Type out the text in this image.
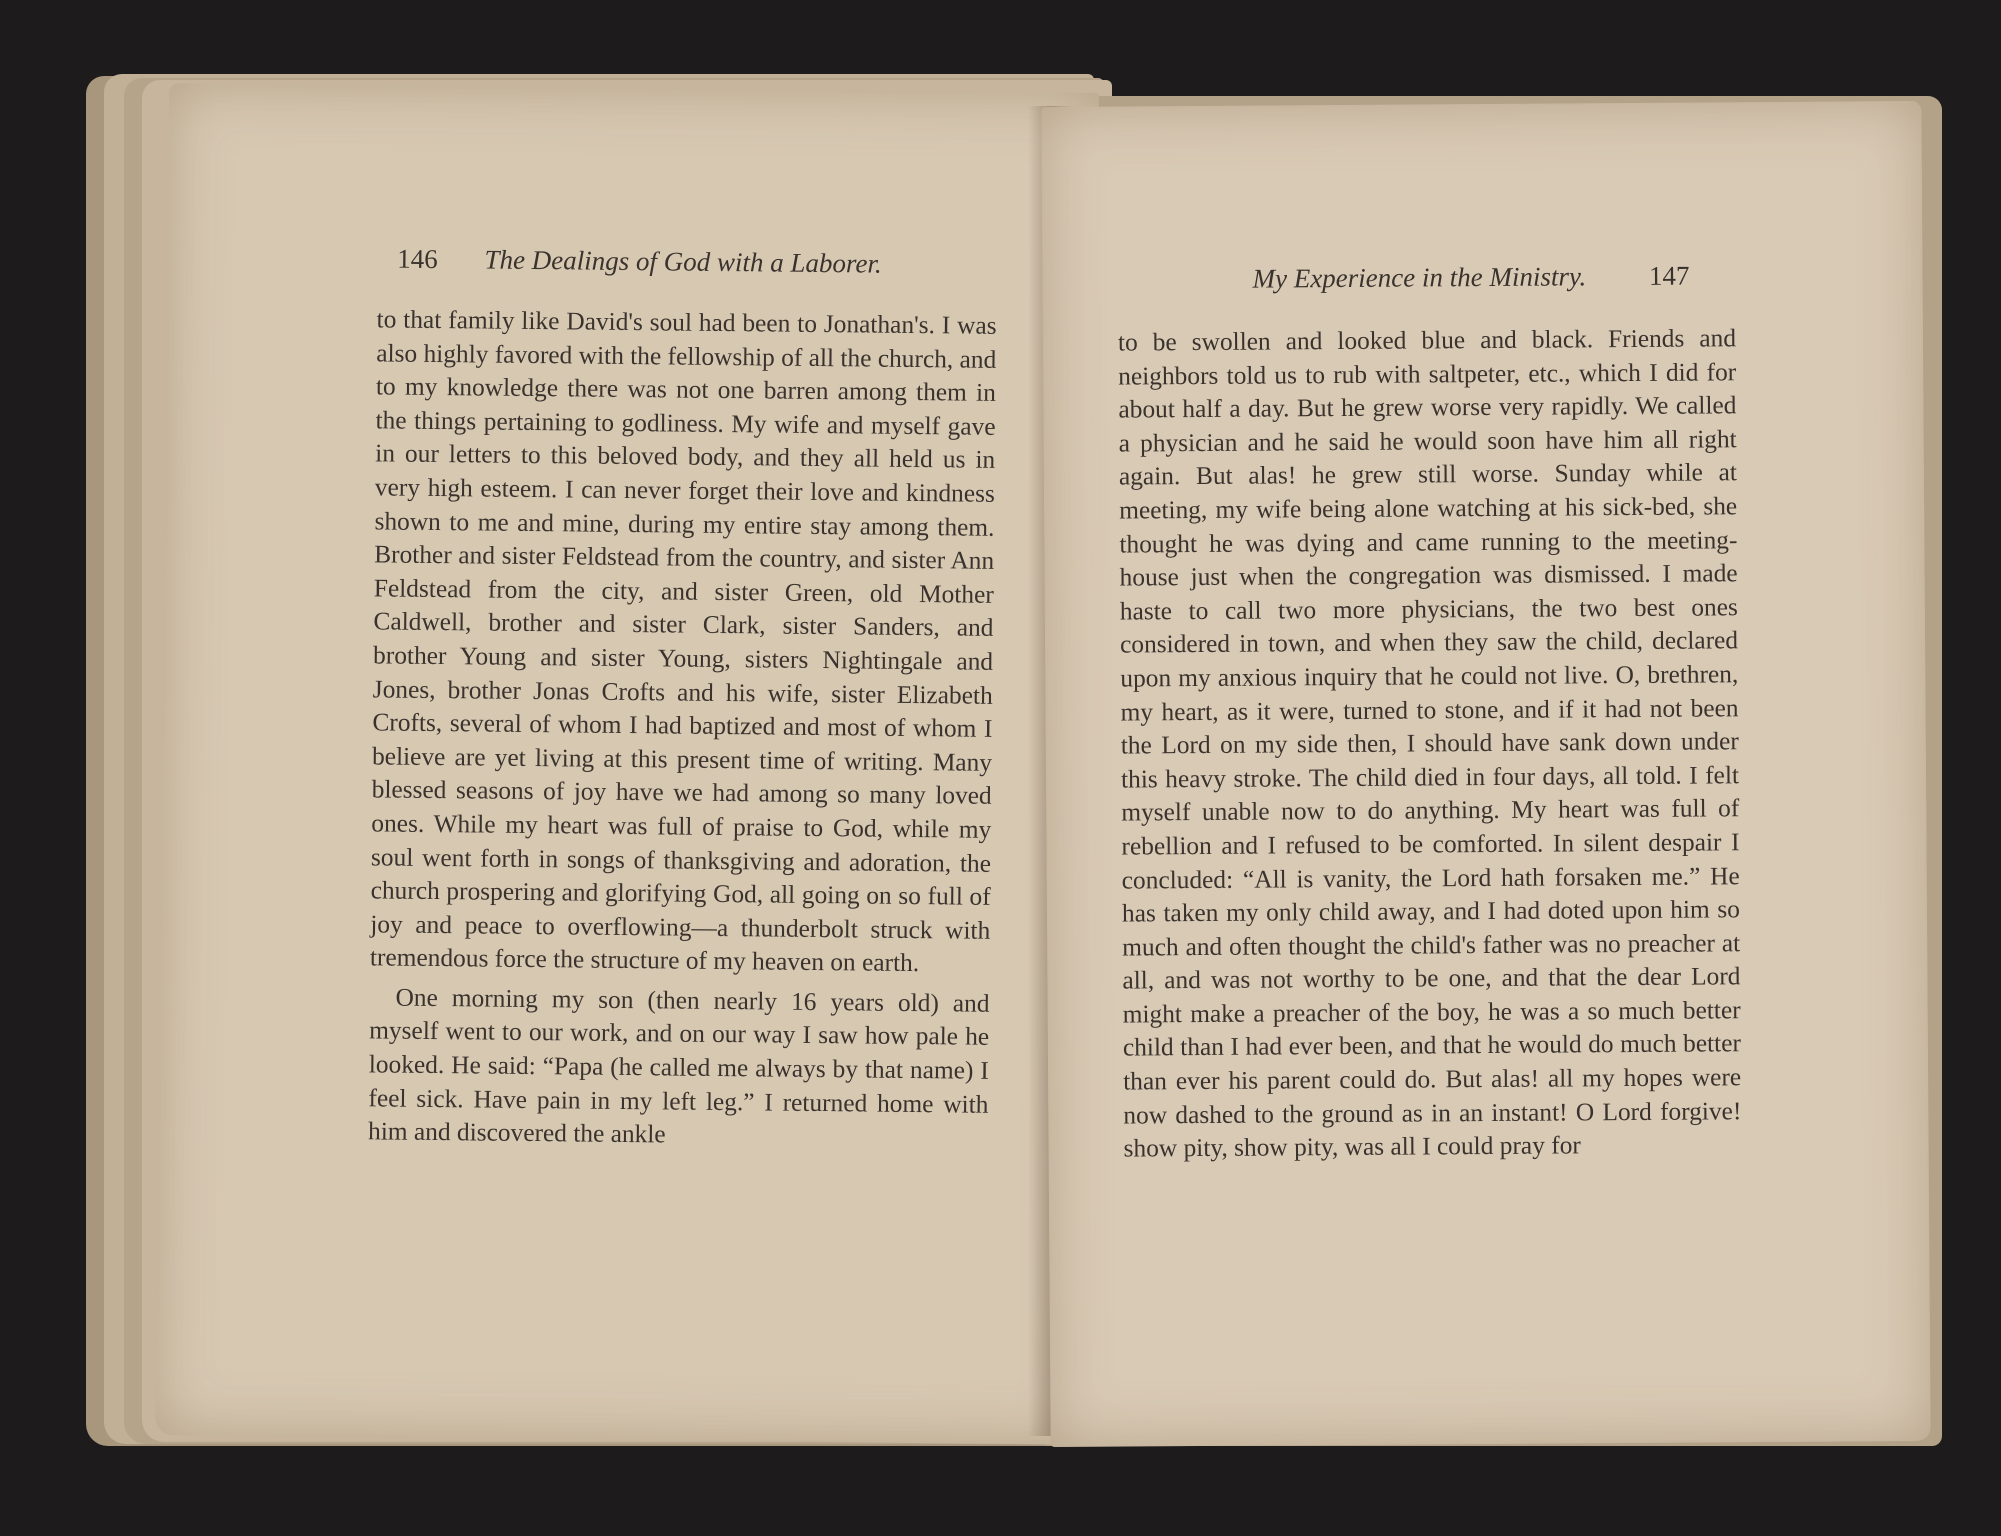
146 The Dealings of God with a Laborer.

to that family like David's soul had been to Jonathan's. I was also highly favored with the fellowship of all the church, and to my knowledge there was not one barren among them in the things pertaining to godliness. My wife and myself gave in our letters to this beloved body, and they all held us in very high esteem. I can never forget their love and kindness shown to me and mine, during my entire stay among them. Brother and sister Feldstead from the country, and sister Ann Feldstead from the city, and sister Green, old Mother Caldwell, brother and sister Clark, sister Sanders, and brother Young and sister Young, sisters Nightingale and Jones, brother Jonas Crofts and his wife, sister Elizabeth Crofts, several of whom I had baptized and most of whom I believe are yet living at this present time of writing. Many blessed seasons of joy have we had among so many loved ones. While my heart was full of praise to God, while my soul went forth in songs of thanksgiving and adoration, the church prospering and glorifying God, all going on so full of joy and peace to overflowing—a thunderbolt struck with tremendous force the structure of my heaven on earth.

One morning my son (then nearly 16 years old) and myself went to our work, and on our way I saw how pale he looked. He said: “Papa (he called me always by that name) I feel sick. Have pain in my left leg.” I returned home with him and discovered the ankle

My Experience in the Ministry. 147

to be swollen and looked blue and black. Friends and neighbors told us to rub with saltpeter, etc., which I did for about half a day. But he grew worse very rapidly. We called a physician and he said he would soon have him all right again. But alas! he grew still worse. Sunday while at meeting, my wife being alone watching at his sick-bed, she thought he was dying and came running to the meeting-house just when the congregation was dismissed. I made haste to call two more physicians, the two best ones considered in town, and when they saw the child, declared upon my anxious inquiry that he could not live. O, brethren, my heart, as it were, turned to stone, and if it had not been the Lord on my side then, I should have sank down under this heavy stroke. The child died in four days, all told. I felt myself unable now to do anything. My heart was full of rebellion and I refused to be comforted. In silent despair I concluded: “All is vanity, the Lord hath forsaken me.” He has taken my only child away, and I had doted upon him so much and often thought the child's father was no preacher at all, and was not worthy to be one, and that the dear Lord might make a preacher of the boy, he was a so much better child than I had ever been, and that he would do much better than ever his parent could do. But alas! all my hopes were now dashed to the ground as in an instant! O Lord forgive! show pity, show pity, was all I could pray for
